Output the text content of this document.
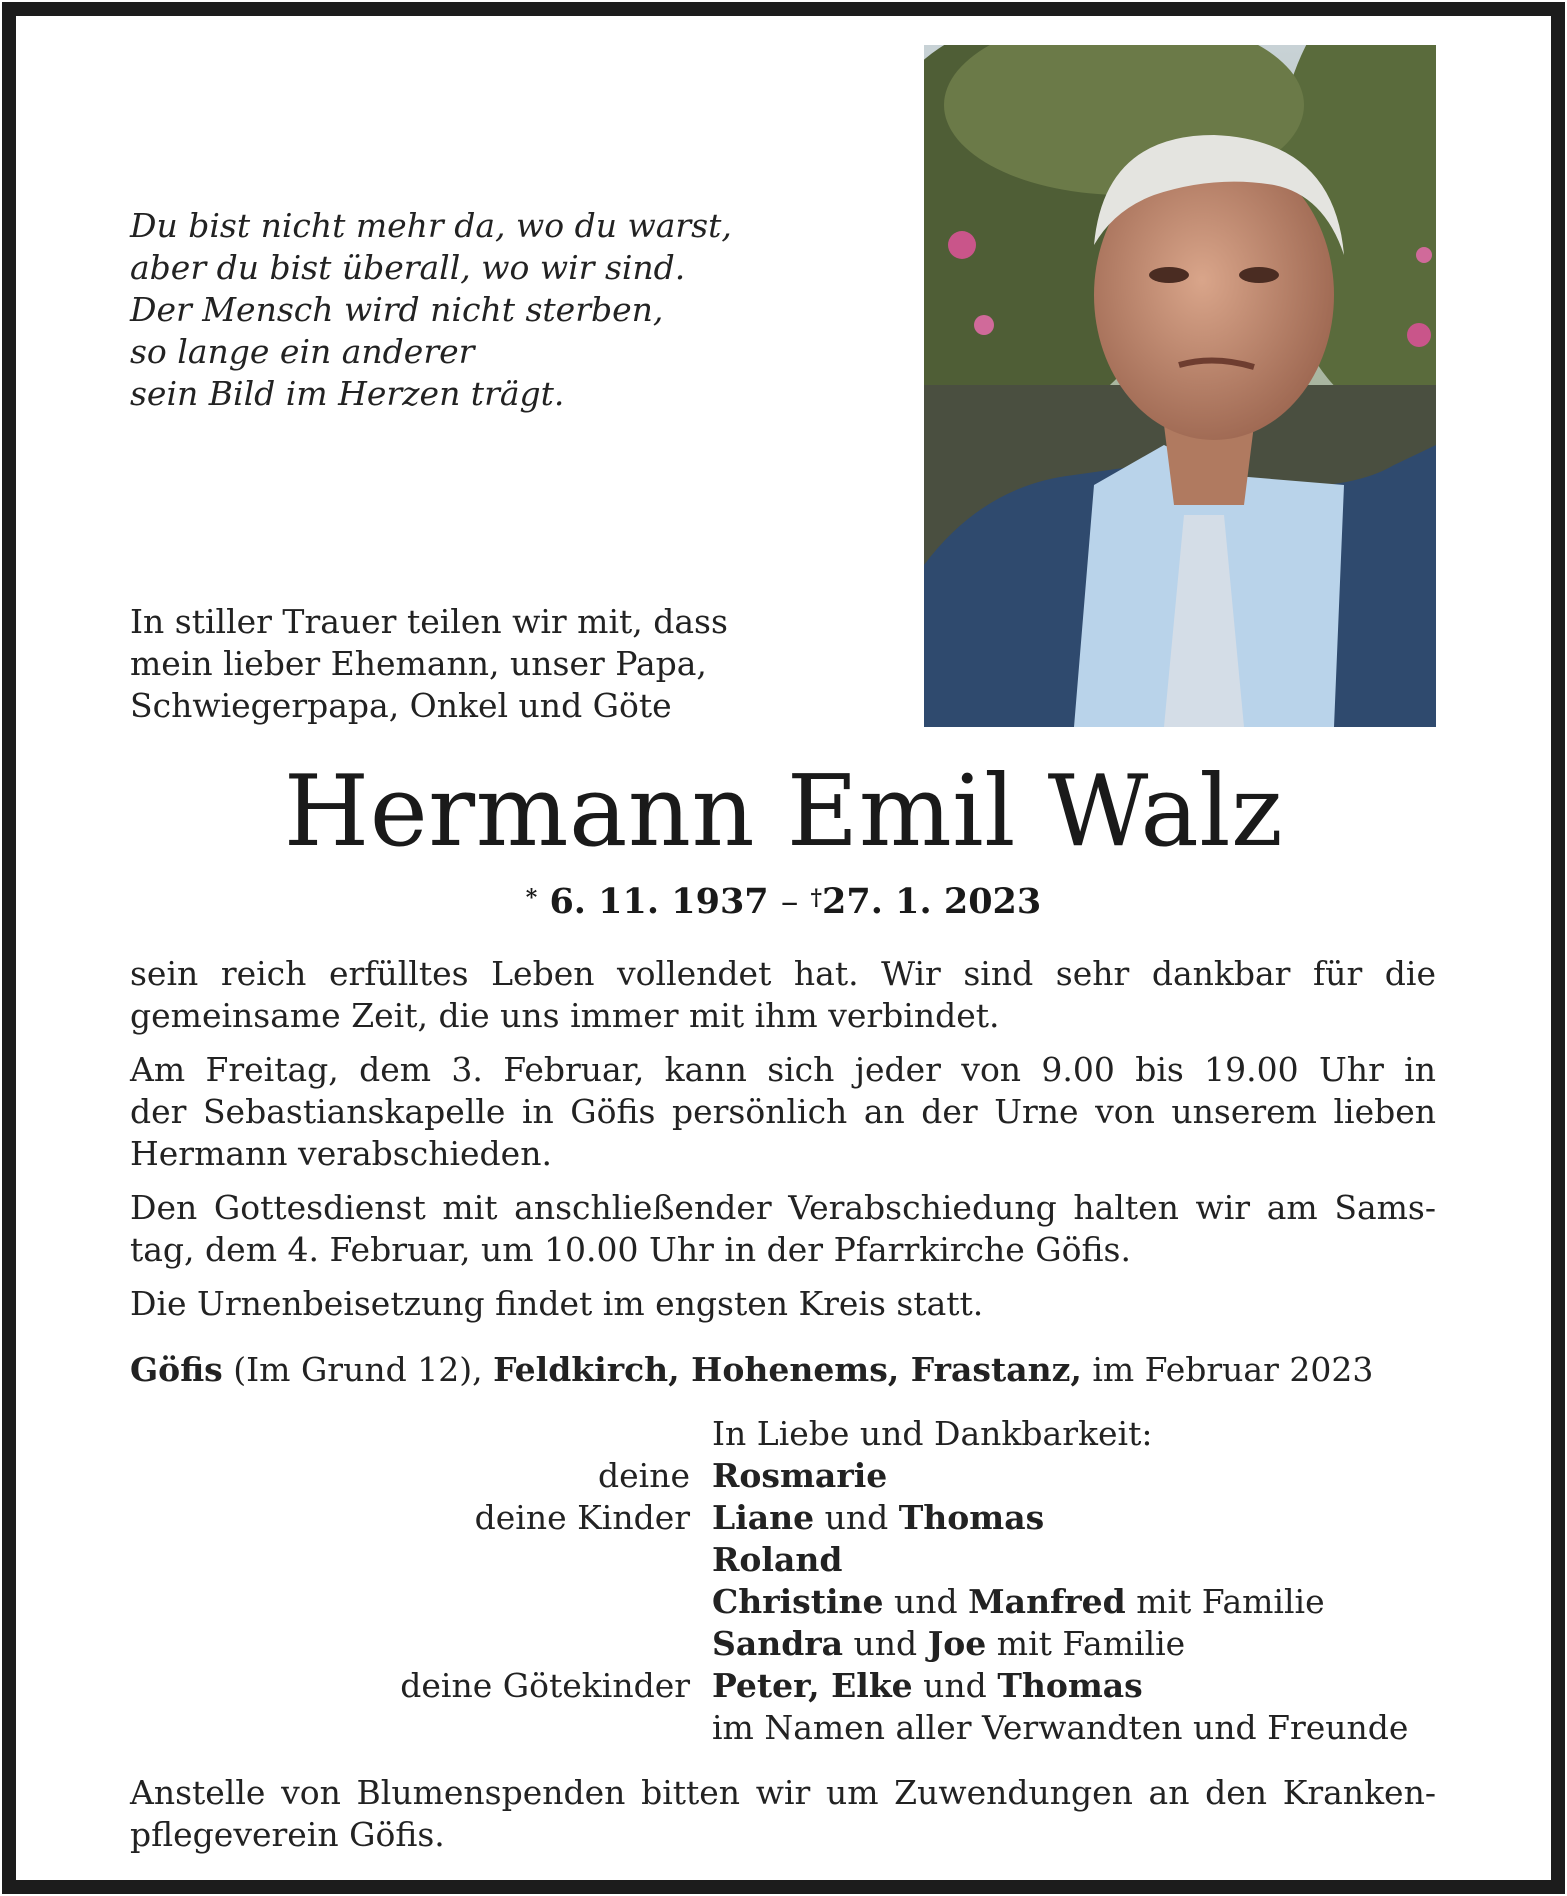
Du bist nicht mehr da, wo du warst,
aber du bist überall, wo wir sind.
Der Mensch wird nicht sterben,
so lange ein anderer
sein Bild im Herzen trägt.
In stiller Trauer teilen wir mit, dass
mein lieber Ehemann, unser Papa,
Schwiegerpapa, Onkel und Göte
Hermann Emil Walz
* 6. 11. 1937 – †27. 1. 2023
sein reich erfülltes Leben vollendet hat. Wir sind sehr dankbar für die
gemeinsame Zeit, die uns immer mit ihm verbindet.
Am Freitag, dem 3. Februar, kann sich jeder von 9.00 bis 19.00 Uhr in
der Sebastianskapelle in Göfis persönlich an der Urne von unserem lieben
Hermann verabschieden.
Den Gottesdienst mit anschließender Verabschiedung halten wir am Sams-
tag, dem 4. Februar, um 10.00 Uhr in der Pfarrkirche Göfis.
Die Urnenbeisetzung findet im engsten Kreis statt.
Göfis (Im Grund 12), Feldkirch, Hohenems, Frastanz, im Februar 2023
In Liebe und Dankbarkeit:
deine Rosmarie
deine Kinder Liane und Thomas
Roland
Christine und Manfred mit Familie
Sandra und Joe mit Familie
deine Götekinder Peter, Elke und Thomas
im Namen aller Verwandten und Freunde
Anstelle von Blumenspenden bitten wir um Zuwendungen an den Kranken-
pflegeverein Göfis.
